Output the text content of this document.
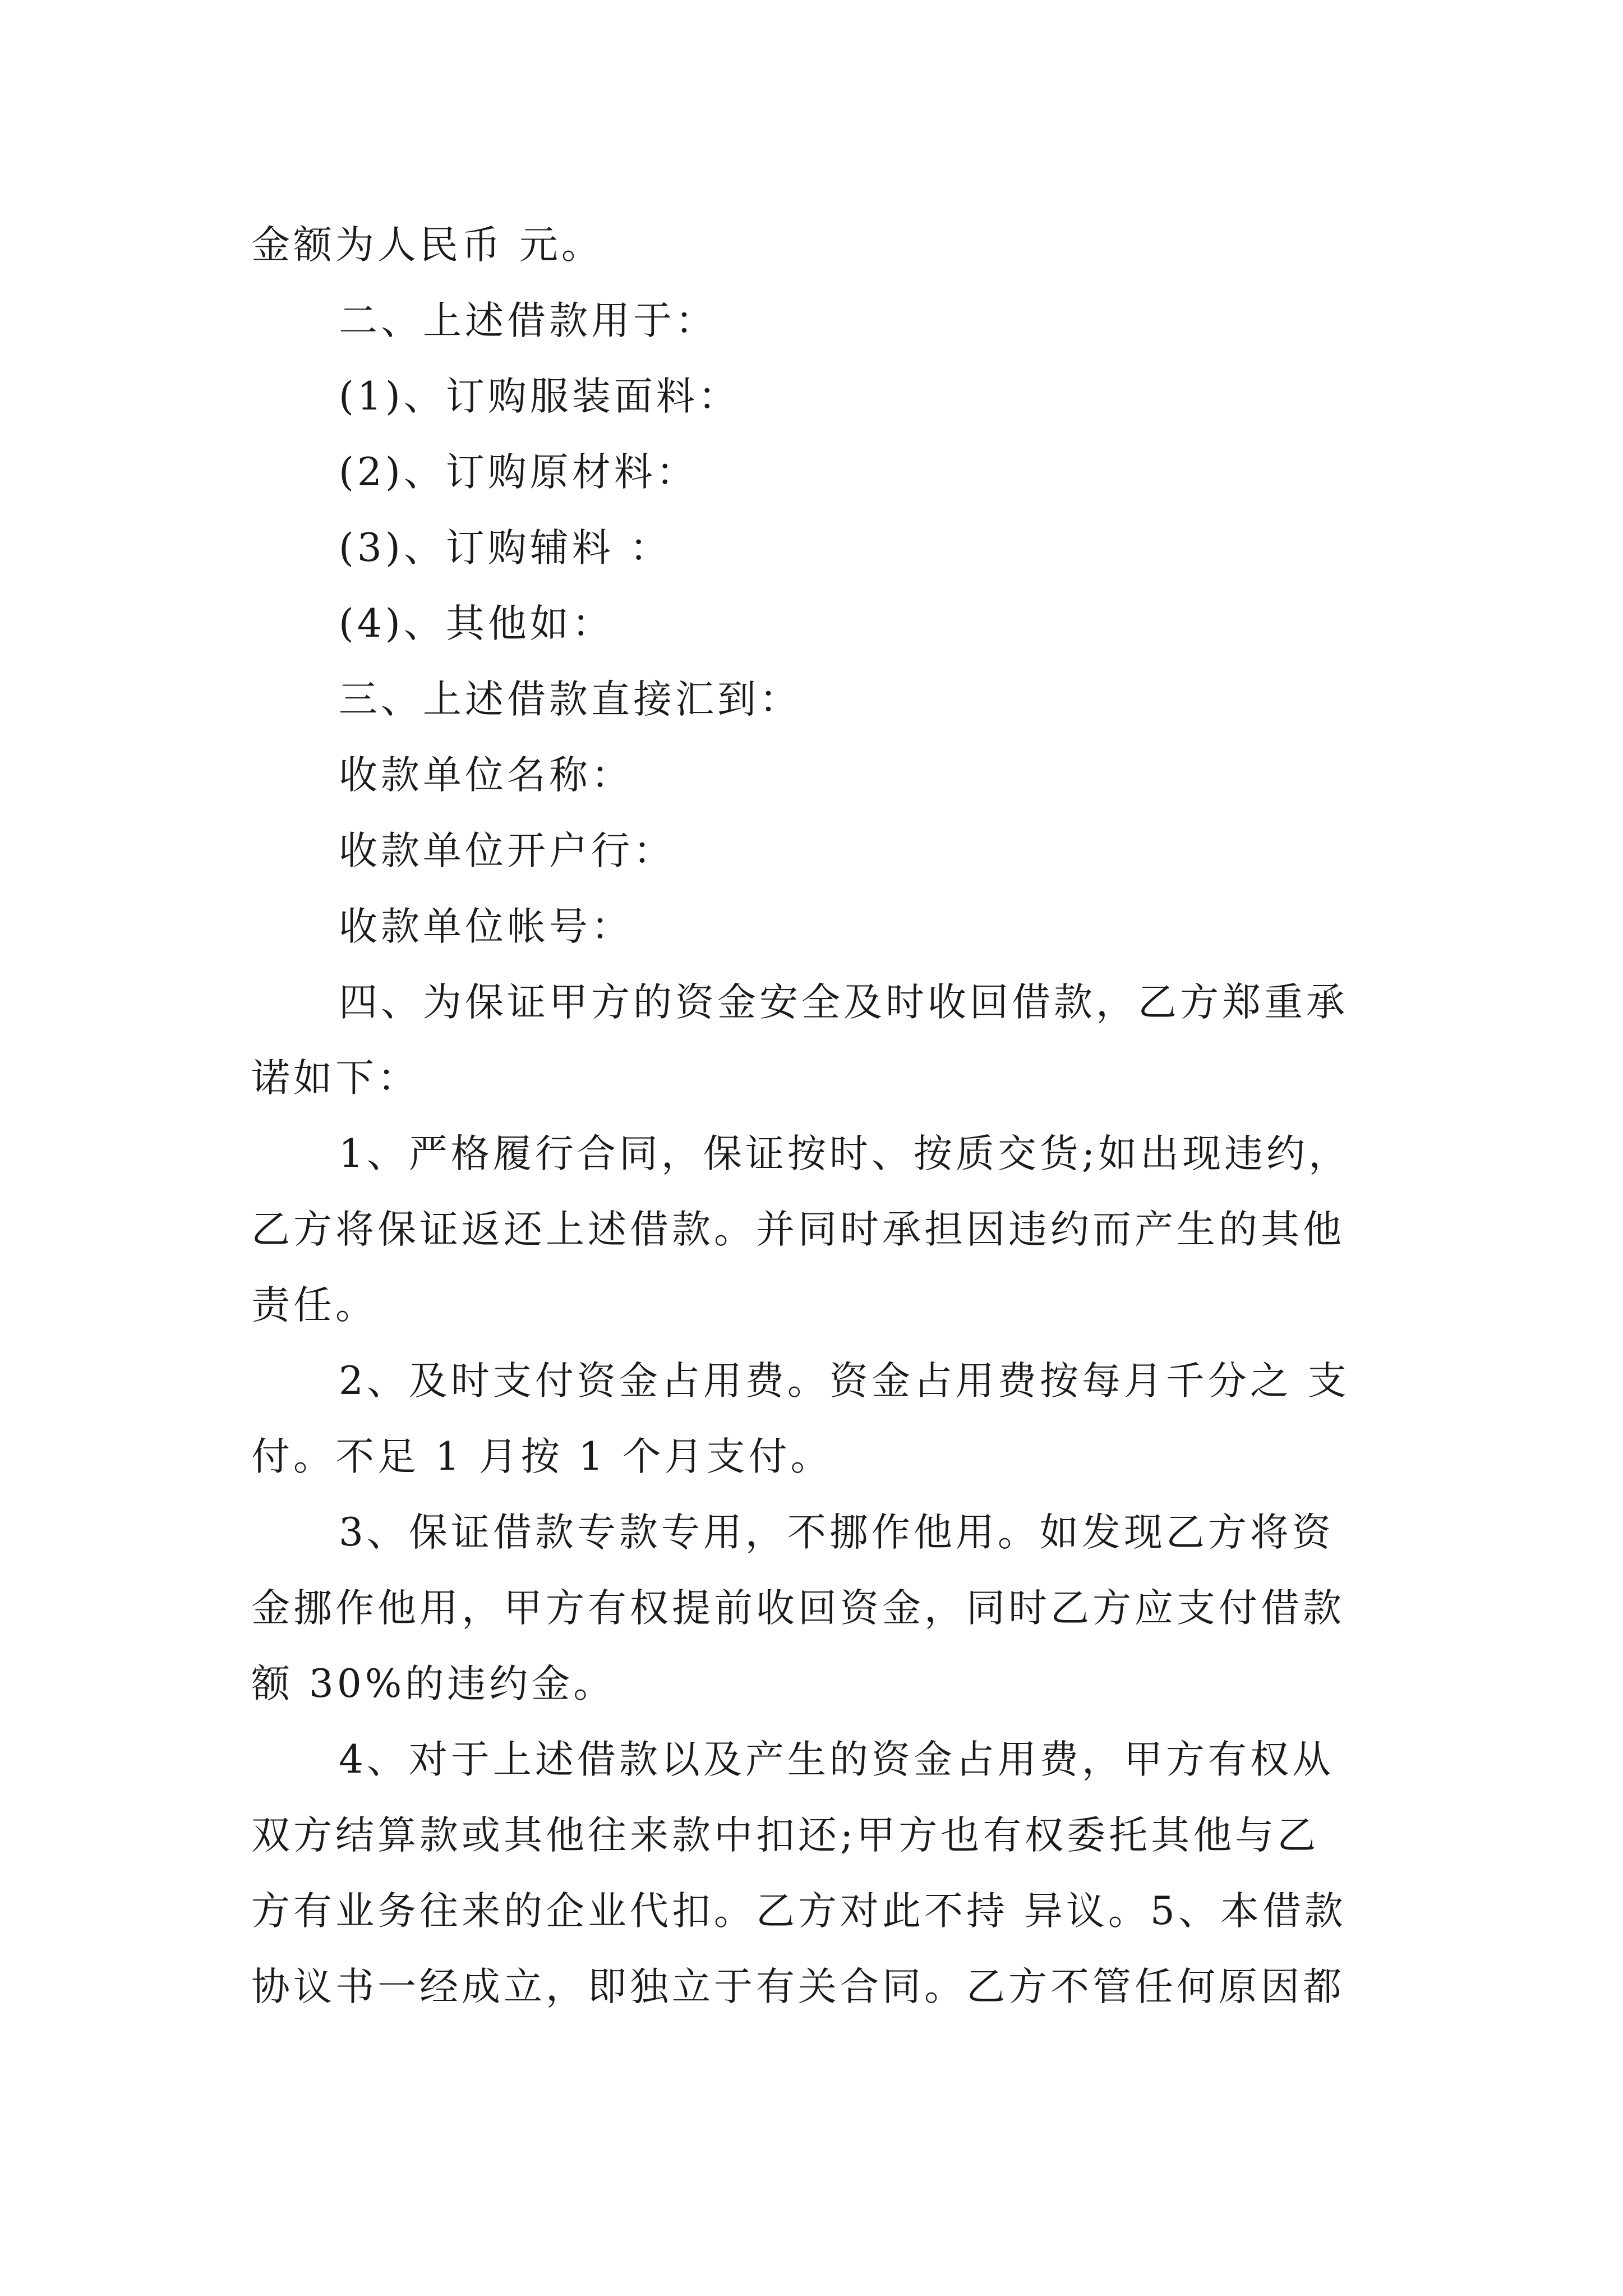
金额为人民币 元。
二、上述借款用于：
(1)、订购服装面料：
(2)、订购原材料：
(3)、订购辅料 ：
(4)、其他如：
三、上述借款直接汇到：
收款单位名称：
收款单位开户行：
收款单位帐号：
四、为保证甲方的资金安全及时收回借款，乙方郑重承
诺如下：
1、严格履行合同，保证按时、按质交货;如出现违约，
乙方将保证返还上述借款。并同时承担因违约而产生的其他
责任。
2、及时支付资金占用费。资金占用费按每月千分之 支
付。不足 1 月按 1 个月支付。
3、保证借款专款专用，不挪作他用。如发现乙方将资
金挪作他用，甲方有权提前收回资金，同时乙方应支付借款
额 30%的违约金。
4、对于上述借款以及产生的资金占用费，甲方有权从
双方结算款或其他往来款中扣还;甲方也有权委托其他与乙
方有业务往来的企业代扣。乙方对此不持 异议。5、本借款
协议书一经成立，即独立于有关合同。乙方不管任何原因都
